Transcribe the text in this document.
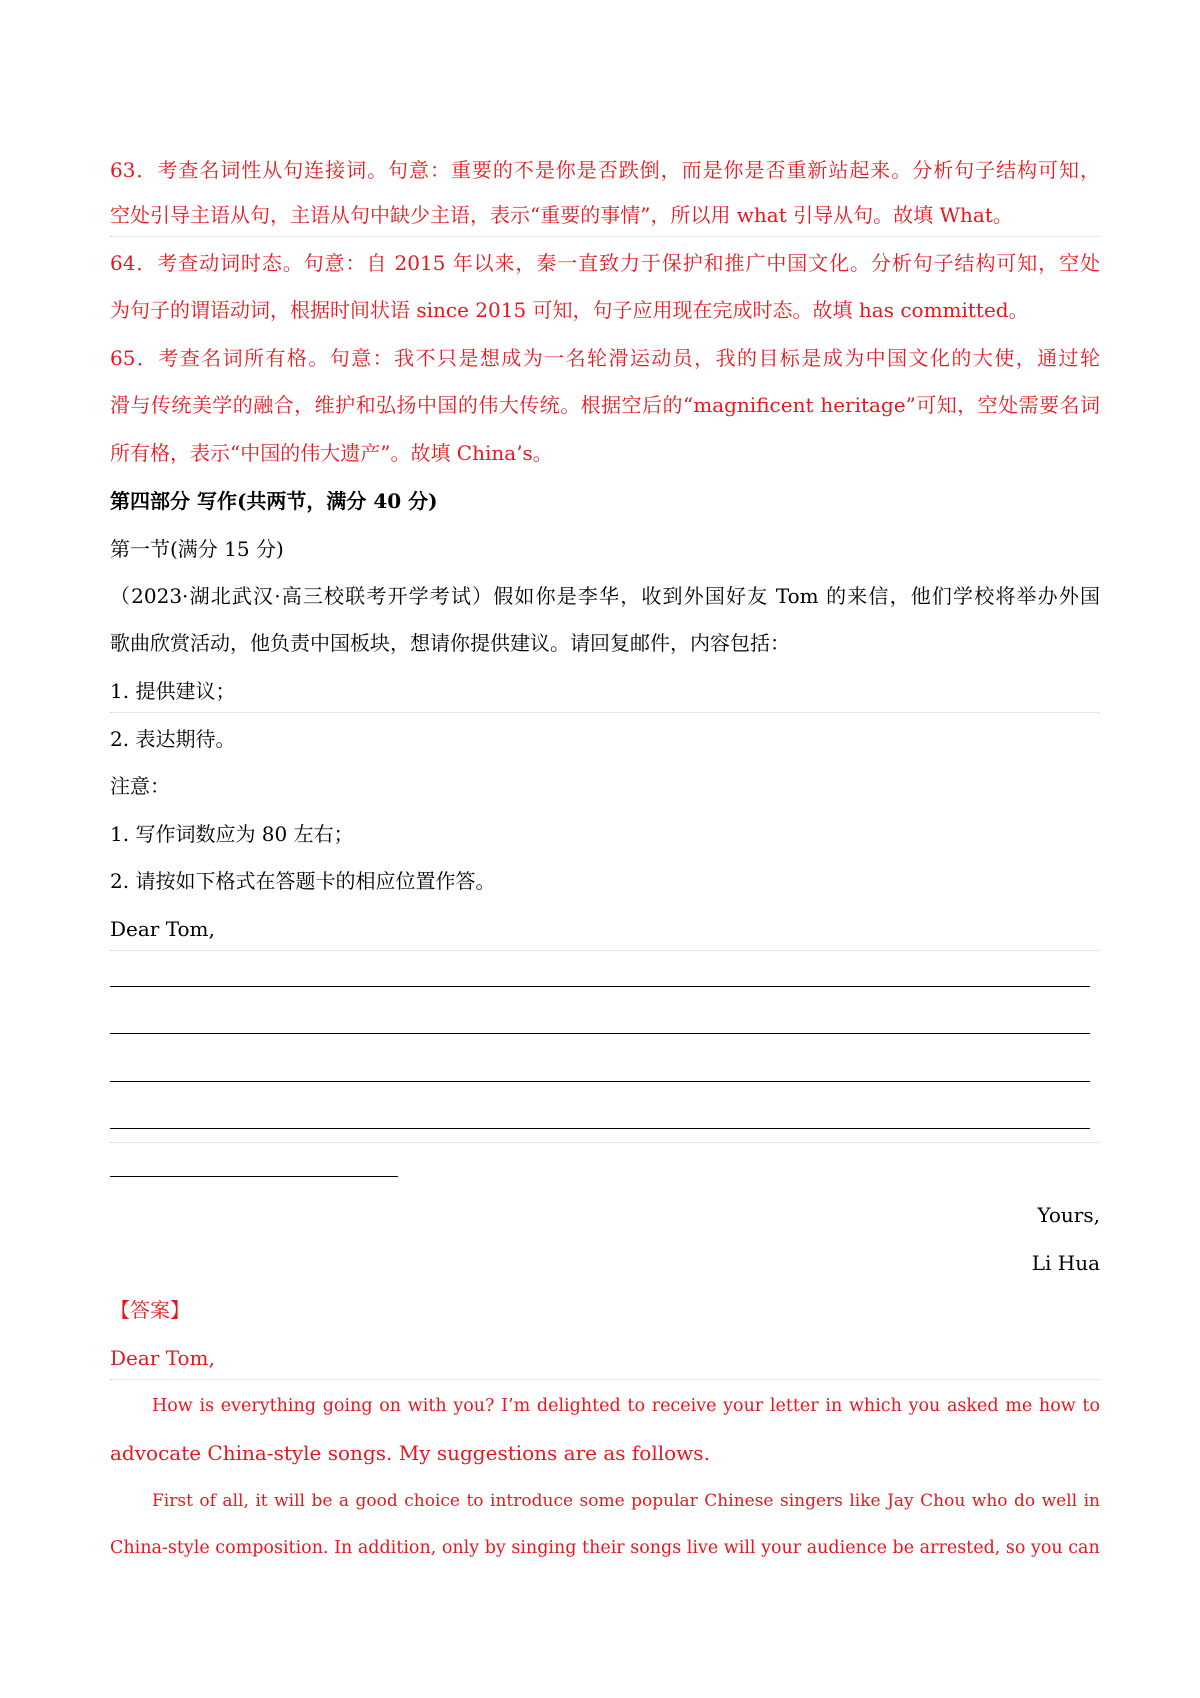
63．考查名词性从句连接词。句意：重要的不是你是否跌倒，而是你是否重新站起来。分析句子结构可知，
空处引导主语从句，主语从句中缺少主语，表示“重要的事情”，所以用 what 引导从句。故填 What。
64．考查动词时态。句意：自 2015 年以来，秦一直致力于保护和推广中国文化。分析句子结构可知，空处
为句子的谓语动词，根据时间状语 since 2015 可知，句子应用现在完成时态。故填 has committed。
65．考查名词所有格。句意：我不只是想成为一名轮滑运动员，我的目标是成为中国文化的大使，通过轮
滑与传统美学的融合，维护和弘扬中国的伟大传统。根据空后的“magnificent heritage”可知，空处需要名词
所有格，表示“中国的伟大遗产”。故填 China’s。
第四部分 写作(共两节，满分 40 分)
第一节(满分 15 分)
（2023·湖北武汉·高三校联考开学考试）假如你是李华，收到外国好友 Tom 的来信，他们学校将举办外国
歌曲欣赏活动，他负责中国板块，想请你提供建议。请回复邮件，内容包括：
1. 提供建议；
2. 表达期待。
注意：
1. 写作词数应为 80 左右；
2. 请按如下格式在答题卡的相应位置作答。
Dear Tom,
Yours,
Li Hua
【答案】
Dear Tom,
How is everything going on with you? I’m delighted to receive your letter in which you asked me how to
advocate China-style songs. My suggestions are as follows.
First of all, it will be a good choice to introduce some popular Chinese singers like Jay Chou who do well in
China-style composition. In addition, only by singing their songs live will your audience be arrested, so you can
